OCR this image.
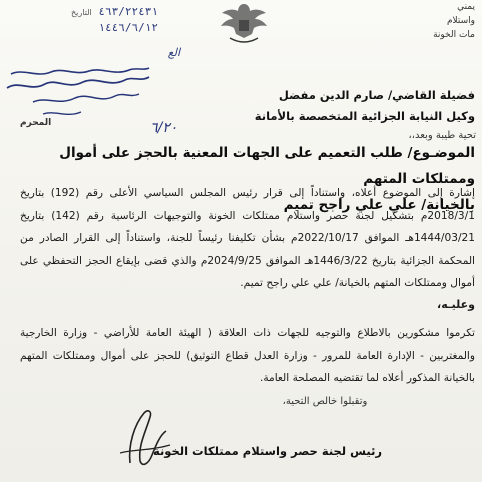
يمني
واستلام
مات الخونة
٤٦٣/٢٢٤٣١ التاريخ
١٤٤٦/٦/١٢
الع
٦/٢٠
فضيلة القاضي/ صارم الدين مفضل
وكيل النيابة الجزائية المتخصصة بالأمانة
المحرم
تحية طيبة وبعد،،
الموضـوع/ طلب التعميم على الجهات المعنية بالحجز على أموال وممتلكات المتهم
بالخيانة/ علي علي راجح تميم
إشارة إلى الموضوع أعلاه، واستناداً إلى قرار رئيس المجلس السياسي الأعلى رقم (192) بتاريخ 2018/3/1م بتشكيل لجنة حصر واستلام ممتلكات الخونة والتوجيهات الرئاسية رقم (142) بتاريخ 1444/03/21هـ الموافق 2022/10/17م بشأن تكليفنا رئيساً للجنة، واستناداً إلى القرار الصادر من المحكمة الجزائية بتاريخ 1446/3/22هـ الموافق 2024/9/25م والذي قضى بإيقاع الحجز التحفظي على أموال وممتلكات المتهم بالخيانة/ علي علي راجح تميم.
وعليـه،
تكرموا مشكورين بالاطلاع والتوجيه للجهات ذات العلاقة ( الهيئة العامة للأراضي - وزارة الخارجية والمغتربين - الإدارة العامة للمرور - وزارة العدل قطاع التوثيق) للحجز على أموال وممتلكات المتهم بالخيانة المذكور أعلاه لما تقتضيه المصلحة العامة.
وتقبلوا خالص التحية،
رئيس لجنة حصر واستلام ممتلكات الخونة
